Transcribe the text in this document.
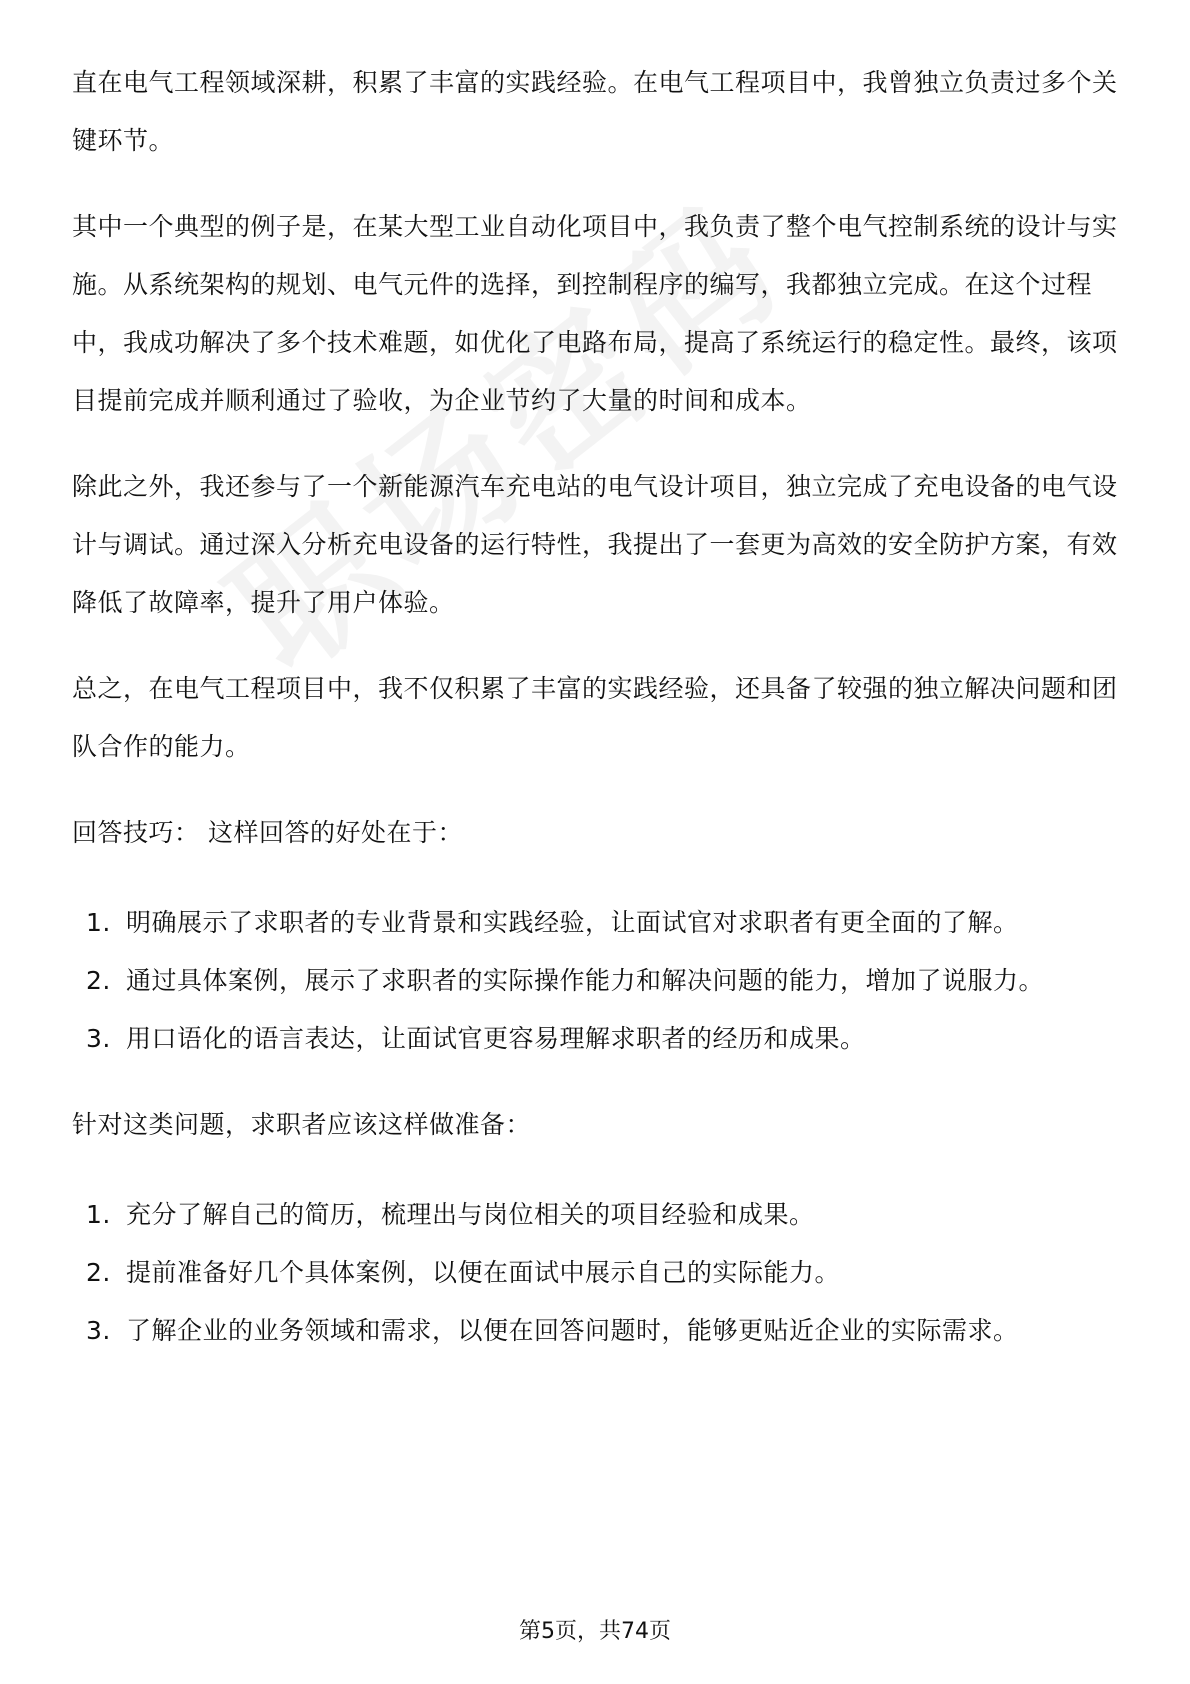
直在电气工程领域深耕，积累了丰富的实践经验。在电气工程项目中，我曾独立负责过多个关键环节。

其中一个典型的例子是，在某大型工业自动化项目中，我负责了整个电气控制系统的设计与实施。从系统架构的规划、电气元件的选择，到控制程序的编写，我都独立完成。在这个过程中，我成功解决了多个技术难题，如优化了电路布局，提高了系统运行的稳定性。最终，该项目提前完成并顺利通过了验收，为企业节约了大量的时间和成本。

除此之外，我还参与了一个新能源汽车充电站的电气设计项目，独立完成了充电设备的电气设计与调试。通过深入分析充电设备的运行特性，我提出了一套更为高效的安全防护方案，有效降低了故障率，提升了用户体验。

总之，在电气工程项目中，我不仅积累了丰富的实践经验，还具备了较强的独立解决问题和团队合作的能力。

回答技巧： 这样回答的好处在于：

1. 明确展示了求职者的专业背景和实践经验，让面试官对求职者有更全面的了解。
2. 通过具体案例，展示了求职者的实际操作能力和解决问题的能力，增加了说服力。
3. 用口语化的语言表达，让面试官更容易理解求职者的经历和成果。

针对这类问题，求职者应该这样做准备：

1. 充分了解自己的简历，梳理出与岗位相关的项目经验和成果。
2. 提前准备好几个具体案例，以便在面试中展示自己的实际能力。
3. 了解企业的业务领域和需求，以便在回答问题时，能够更贴近企业的实际需求。
第5页，共74页
